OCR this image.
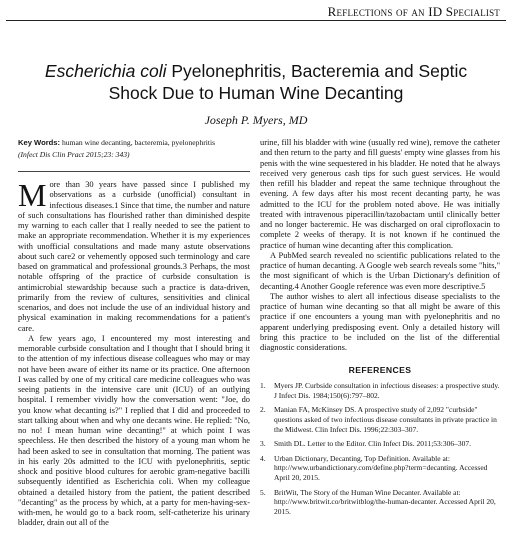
Reflections of an ID Specialist
Escherichia coli Pyelonephritis, Bacteremia and Septic Shock Due to Human Wine Decanting
Joseph P. Myers, MD

Key Words: human wine decanting, bacteremia, pyelonephritis

(Infect Dis Clin Pract 2015;23: 343)

More than 30 years have passed since I published my observations as a curbside (unofficial) consultant in infectious diseases.1 Since that time, the number and nature of such consultations has flourished rather than diminished despite my warning to each caller that I really needed to see the patient to make an appropriate recommendation. Whether it is my experiences with unofficial consultations and made many astute observations about such care2 or vehemently opposed such terminology and care based on grammatical and professional grounds.3 Perhaps, the most notable offspring of the practice of curbside consultation is antimicrobial stewardship because such a practice is data-driven, primarily from the review of cultures, sensitivities and clinical scenarios, and does not include the use of an individual history and physical examination in making recommendations for a patient's care.

A few years ago, I encountered my most interesting and memorable curbside consultation and I thought that I should bring it to the attention of my infectious disease colleagues who may or may not have been aware of either its name or its practice. One afternoon I was called by one of my critical care medicine colleagues who was seeing patients in the intensive care unit (ICU) of an outlying hospital. I remember vividly how the conversation went: "Joe, do you know what decanting is?" I replied that I did and proceeded to start talking about when and why one decants wine. He replied: "No, no no! I mean human wine decanting!" at which point I was speechless. He then described the history of a young man whom he had been asked to see in consultation that morning. The patient was in his early 20s admitted to the ICU with pyelonephritis, septic shock and positive blood cultures for aerobic gram-negative bacilli subsequently identified as Escherichia coli. When my colleague obtained a detailed history from the patient, the patient described "decanting" as the process by which, at a party for men-having-sex-with-men, he would go to a back room, self-catheterize his urinary bladder, drain out all of the

urine, fill his bladder with wine (usually red wine), remove the catheter and then return to the party and fill guests' empty wine glasses from his penis with the wine sequestered in his bladder. He noted that he always received very generous cash tips for such guest services. He would then refill his bladder and repeat the same technique throughout the evening. A few days after his most recent decanting party, he was admitted to the ICU for the problem noted above. He was initially treated with intravenous piperacillin/tazobactam until clinically better and no longer bacteremic. He was discharged on oral ciprofloxacin to complete 2 weeks of therapy. It is not known if he continued the practice of human wine decanting after this complication.

A PubMed search revealed no scientific publications related to the practice of human decanting. A Google web search reveals some "hits," the most significant of which is the Urban Dictionary's definition of decanting.4 Another Google reference was even more descriptive.5

The author wishes to alert all infectious disease specialists to the practice of human wine decanting so that all might be aware of this practice if one encounters a young man with pyelonephritis and no apparent underlying predisposing event. Only a detailed history will bring this practice to be included on the list of the differential diagnostic considerations.

REFERENCES
1. Myers JP. Curbside consultation in infectious diseases: a prospective study. J Infect Dis. 1984;150(6):797–802.
2. Manian FA, McKinsey DS. A prospective study of 2,092 "curbside" questions asked of two infectious disease consultants in private practice in the Midwest. Clin Infect Dis. 1996;22:303–307.
3. Smith DL. Letter to the Editor. Clin Infect Dis. 2011;53:306–307.
4. Urban Dictionary, Decanting, Top Definition. Available at: http://www.urbandictionary.com/define.php?term=decanting. Accessed April 20, 2015.
5. BritWit, The Story of the Human Wine Decanter. Available at: http://www.britwit.co/britwitblog/the-human-decanter. Accessed April 20, 2015.
